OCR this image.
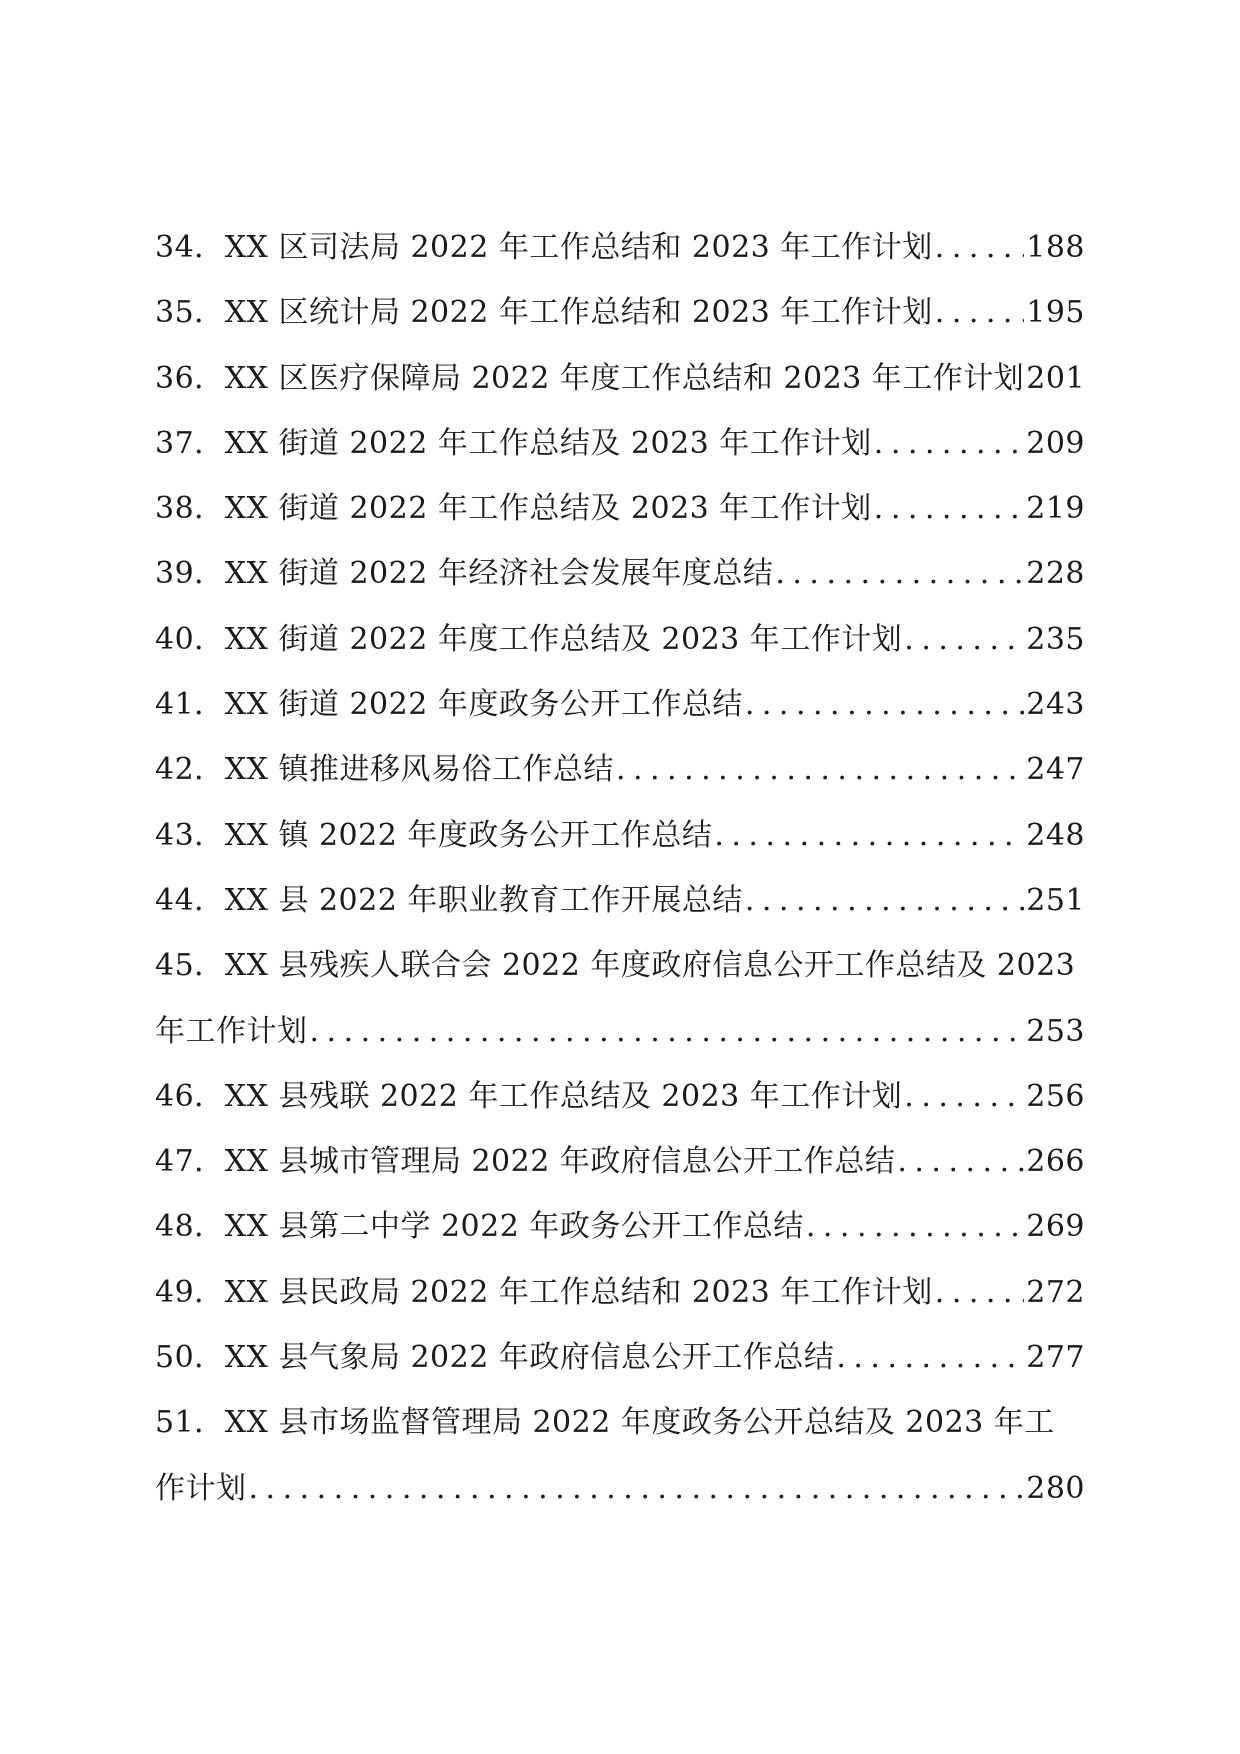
34． XX 区司法局 2022 年工作总结和 2023 年工作计划 .....	188
35． XX 区统计局 2022 年工作总结和 2023 年工作计划 .....	195
36． XX 区医疗保障局 2022 年度工作总结和 2023 年工作计划 201
37． XX 街道 2022 年工作总结及 2023 年工作计划 .....	209
38． XX 街道 2022 年工作总结及 2023 年工作计划 .....	219
39． XX 街道 2022 年经济社会发展年度总结 .....	228
40． XX 街道 2022 年度工作总结及 2023 年工作计划 .....	235
41． XX 街道 2022 年度政务公开工作总结 .....	243
42． XX 镇推进移风易俗工作总结 .....	247
43． XX 镇 2022 年度政务公开工作总结 .....	248
44． XX 县 2022 年职业教育工作开展总结 .....	251
45． XX 县残疾人联合会 2022 年度政府信息公开工作总结及 2023
年工作计划 .....	253
46． XX 县残联 2022 年工作总结及 2023 年工作计划 .....	256
47． XX 县城市管理局 2022 年政府信息公开工作总结 .....	266
48． XX 县第二中学 2022 年政务公开工作总结 .....	269
49． XX 县民政局 2022 年工作总结和 2023 年工作计划 .....	272
50． XX 县气象局 2022 年政府信息公开工作总结 .....	277
51． XX 县市场监督管理局 2022 年度政务公开总结及 2023 年工
作计划 .....	280
